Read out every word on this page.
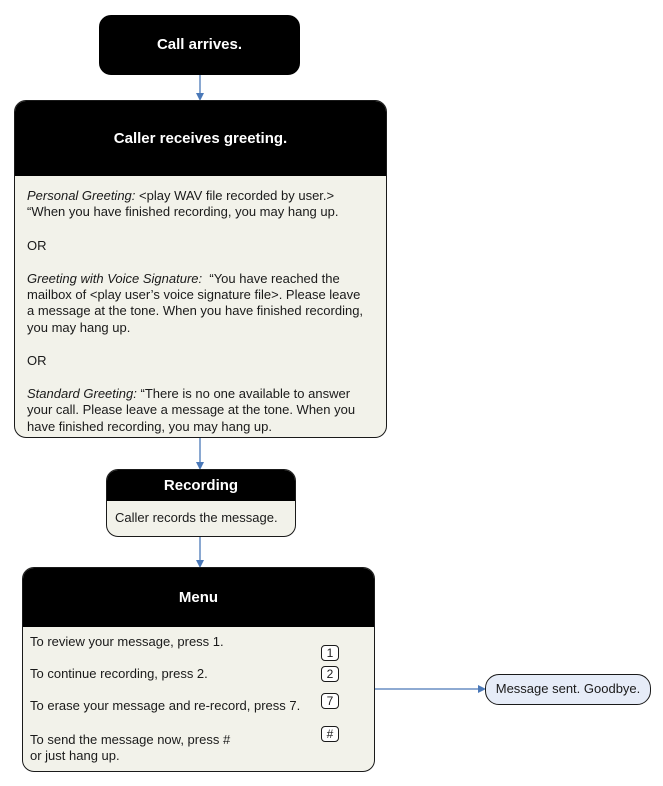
Call arrives.
Caller receives greeting.

Personal Greeting: <play WAV file recorded by user.>
“When you have finished recording, you may hang up.

OR

Greeting with Voice Signature: “You have reached the
mailbox of <play user’s voice signature file>. Please leave
a message at the tone. When you have finished recording,
you may hang up.

OR

Standard Greeting: “There is no one available to answer
your call. Please leave a message at the tone. When you
have finished recording, you may hang up.

Recording
Caller records the message.
Menu
To review your message, press 1.
1
To continue recording, press 2.	2
To erase your message and re-record, press 7.	7
To send the message now, press #
or just hang up.
#
Message sent. Goodbye.
